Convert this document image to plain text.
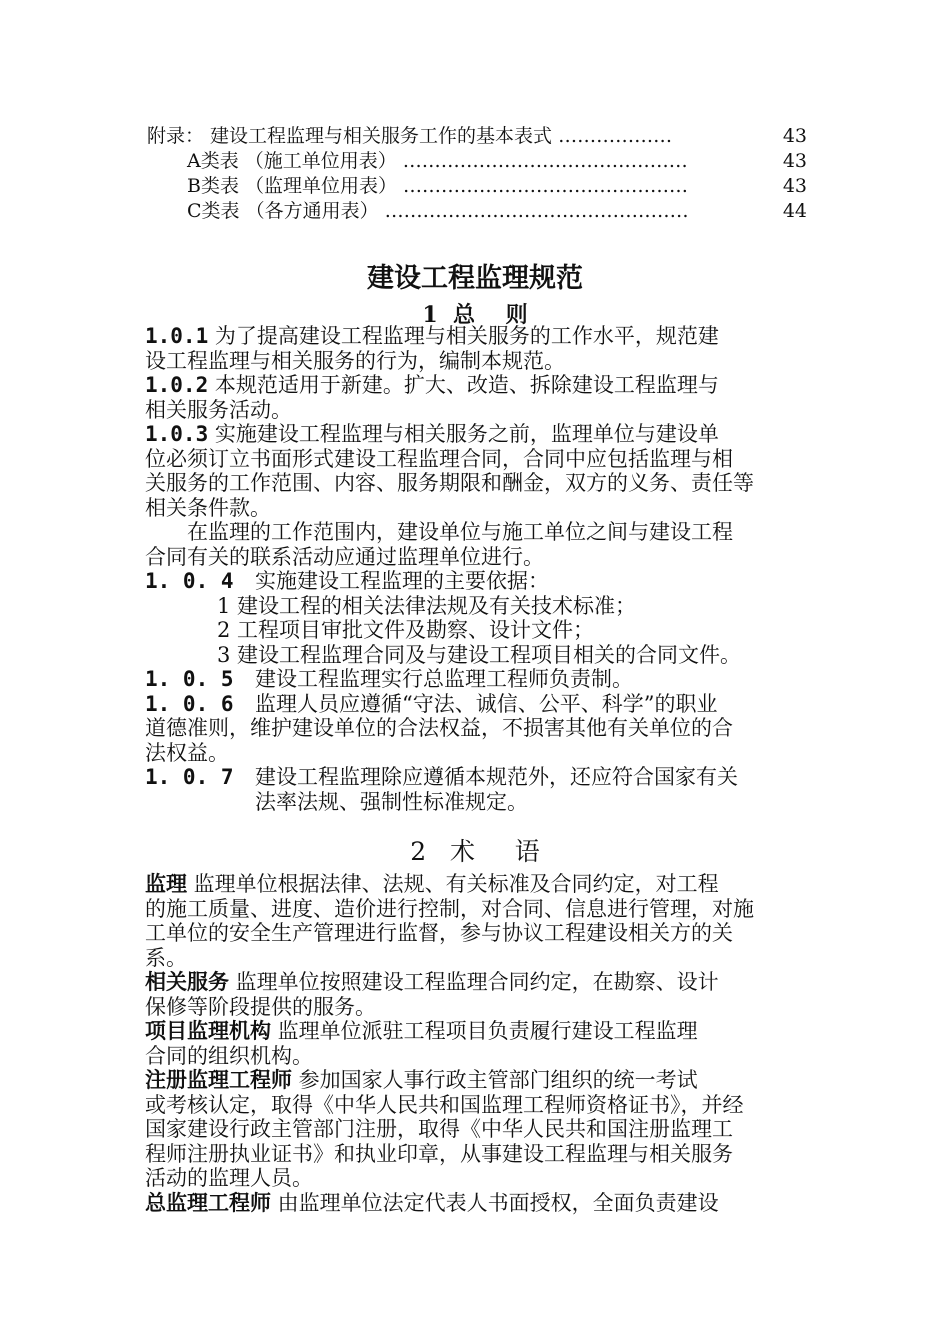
附录： 建设工程监理与相关服务工作的基本表式 ………………	43
A类表 （施工单位用表） ………………………………………	43
B类表 （监理单位用表） ………………………………………	43
C类表 （各方通用表） …………………………………………	44
建设工程监理规范
1  总    则
1.0.1 为了提高建设工程监理与相关服务的工作水平，规范建
设工程监理与相关服务的行为，编制本规范。
1.0.2 本规范适用于新建。扩大、改造、拆除建设工程监理与
相关服务活动。
1.0.3 实施建设工程监理与相关服务之前，监理单位与建设单
位必须订立书面形式建设工程监理合同，合同中应包括监理与相
关服务的工作范围、内容、服务期限和酬金，双方的义务、责任等
相关条件款。
在监理的工作范围内，建设单位与施工单位之间与建设工程
合同有关的联系活动应通过监理单位进行。
1. 0. 4 实施建设工程监理的主要依据：
1 建设工程的相关法律法规及有关技术标准；
2 工程项目审批文件及勘察、设计文件；
3 建设工程监理合同及与建设工程项目相关的合同文件。
1. 0. 5 建设工程监理实行总监理工程师负责制。
1. 0. 6 监理人员应遵循“守法、诚信、公平、科学”的职业
道德准则，维护建设单位的合法权益，不损害其他有关单位的合
法权益。
1. 0. 7 建设工程监理除应遵循本规范外，还应符合国家有关
法率法规、强制性标准规定。
2   术     语
监理 监理单位根据法律、法规、有关标准及合同约定，对工程
的施工质量、进度、造价进行控制，对合同、信息进行管理，对施
工单位的安全生产管理进行监督，参与协议工程建设相关方的关
系。
相关服务 监理单位按照建设工程监理合同约定，在勘察、设计
保修等阶段提供的服务。
项目监理机构 监理单位派驻工程项目负责履行建设工程监理
合同的组织机构。
注册监理工程师 参加国家人事行政主管部门组织的统一考试
或考核认定，取得《中华人民共和国监理工程师资格证书》，并经
国家建设行政主管部门注册，取得《中华人民共和国注册监理工
程师注册执业证书》和执业印章，从事建设工程监理与相关服务
活动的监理人员。
总监理工程师 由监理单位法定代表人书面授权，全面负责建设
